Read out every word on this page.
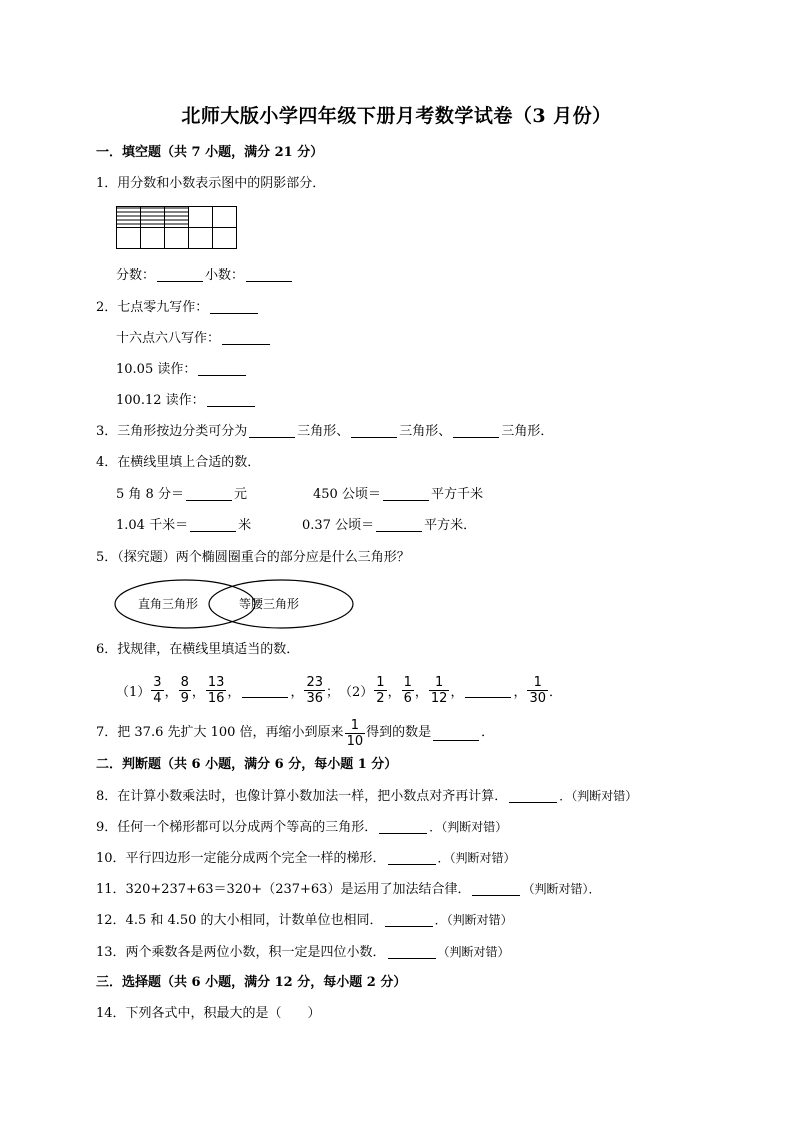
北师大版小学四年级下册月考数学试卷（3 月份）
一．填空题（共 7 小题，满分 21 分）
1．用分数和小数表示图中的阴影部分．

分数：	小数：
2．七点零九写作：
十六点六八写作：
10.05 读作：
100.12 读作：
3．三角形按边分类可分为	三角形、	三角形、	三角形．
4．在横线里填上合适的数．
5 角 8 分＝	元	450 公顷＝	平方千米
1.04 千米＝	米	0.37 公顷＝	平方米．
5．（探究题）两个椭圆圈重合的部分应是什么三角形？
直角三角形	等腰三角形
6．找规律，在横线里填适当的数．
$(1) \frac{3}{4}$ ， $\frac{8}{9}$ ， $\frac{13}{16}$ ，	， $\frac{23}{36}$ ； $(2) \frac{1}{2}$ ， $\frac{1}{6}$ ， $\frac{1}{12}$ ，	， $\frac{1}{30}$ ．
7．把 37.6 先扩大 100 倍，再缩小到原来 $\frac{1}{10}$ 得到的数是	．
二．判断题（共 6 小题，满分 6 分，每小题 1 分）
8．在计算小数乘法时，也像计算小数加法一样，把小数点对齐再计算．	．（判断对错）
9．任何一个梯形都可以分成两个等高的三角形．	．（判断对错）
10．平行四边形一定能分成两个完全一样的梯形．	．（判断对错）
11．320+237+63＝320+（237+63）是运用了加法结合律．	（判断对错）．
12．4.5 和 4.50 的大小相同，计数单位也相同．	．（判断对错）
13．两个乘数各是两位小数，积一定是四位小数．	（判断对错）
三．选择题（共 6 小题，满分 12 分，每小题 2 分）
14．下列各式中，积最大的是（　　）
